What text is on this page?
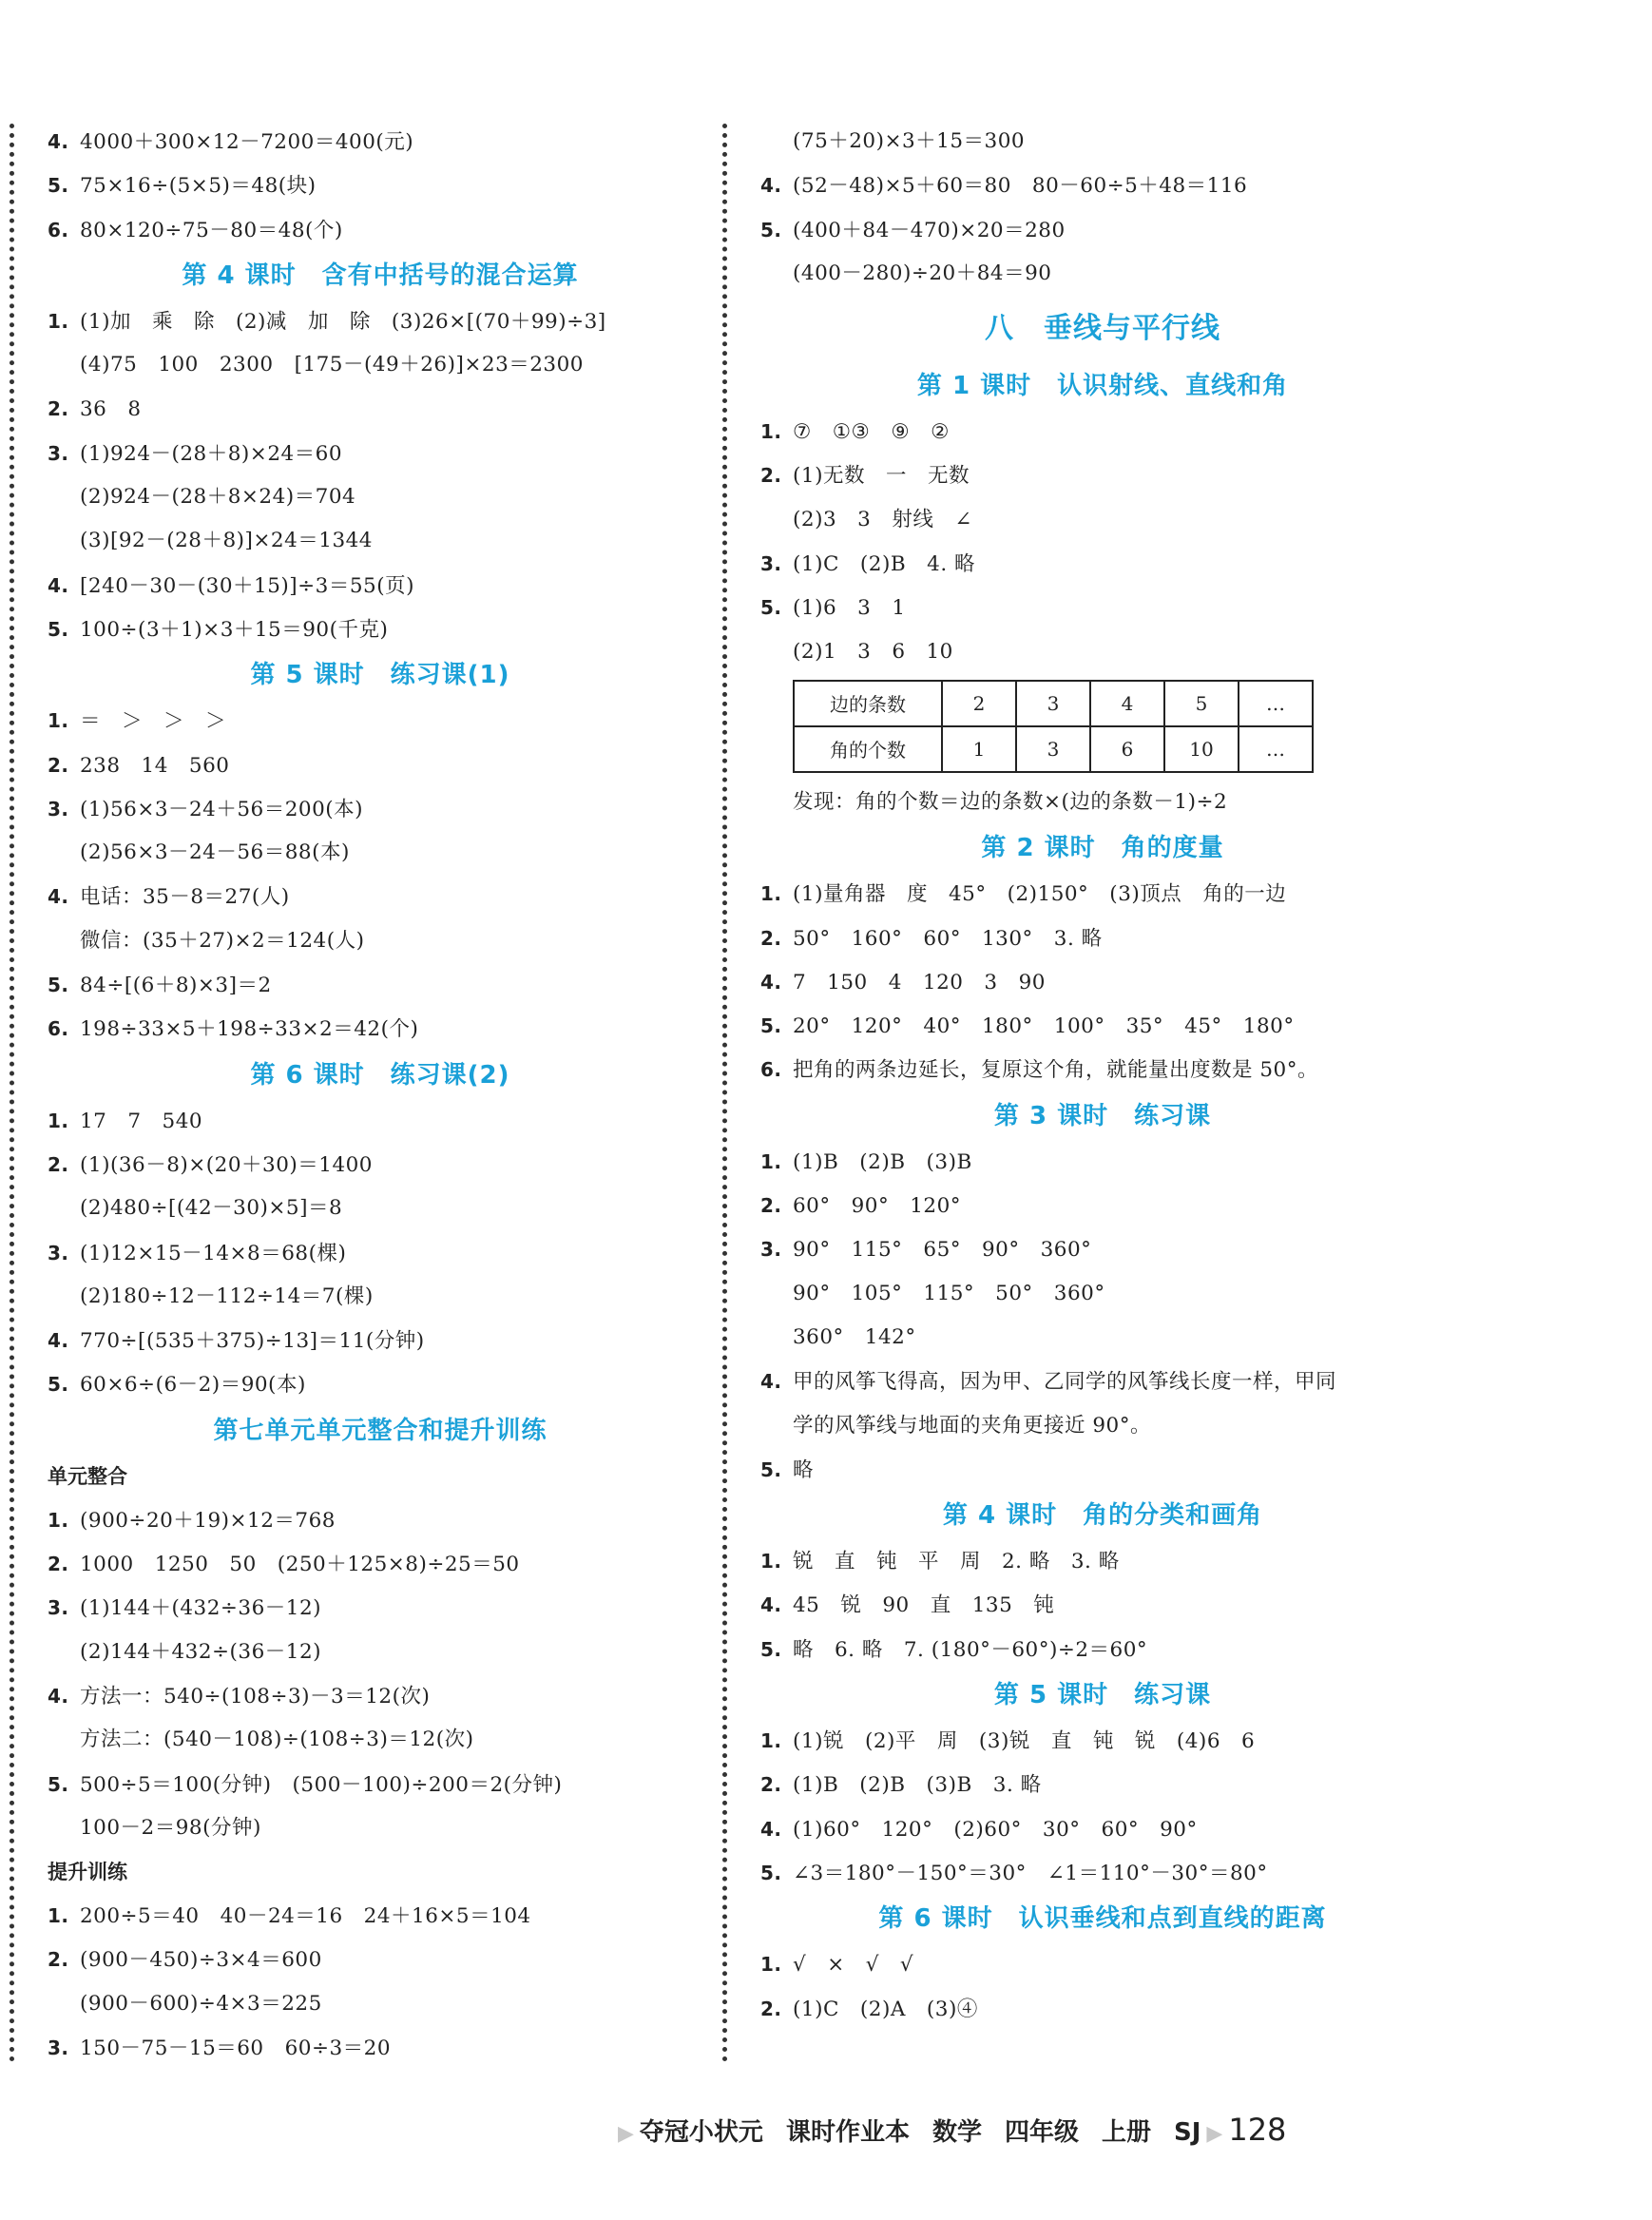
4. 4000＋300×12－7200＝400(元)
5. 75×16÷(5×5)＝48(块)
6. 80×120÷75－80＝48(个)
第 4 课时　含有中括号的混合运算
1. (1)加　乘　除　(2)减　加　除　(3)26×[(70＋99)÷3]
(4)75　100　2300　[175－(49＋26)]×23＝2300
2. 36　8
3. (1)924－(28＋8)×24＝60
(2)924－(28＋8×24)＝704
(3)[92－(28＋8)]×24＝1344
4. [240－30－(30＋15)]÷3＝55(页)
5. 100÷(3＋1)×3＋15＝90(千克)
第 5 课时　练习课(1)
1. ＝　＞　＞　＞
2. 238　14　560
3. (1)56×3－24＋56＝200(本)
(2)56×3－24－56＝88(本)
4. 电话：35－8＝27(人)
微信：(35＋27)×2＝124(人)
5. 84÷[(6＋8)×3]＝2
6. 198÷33×5＋198÷33×2＝42(个)
第 6 课时　练习课(2)
1. 17　7　540
2. (1)(36－8)×(20＋30)＝1400
(2)480÷[(42－30)×5]＝8
3. (1)12×15－14×8＝68(棵)
(2)180÷12－112÷14＝7(棵)
4. 770÷[(535＋375)÷13]＝11(分钟)
5. 60×6÷(6－2)＝90(本)
第七单元单元整合和提升训练
单元整合
1. (900÷20＋19)×12＝768
2. 1000　1250　50　(250＋125×8)÷25＝50
3. (1)144＋(432÷36－12)
(2)144＋432÷(36－12)
4. 方法一：540÷(108÷3)－3＝12(次)
方法二：(540－108)÷(108÷3)＝12(次)
5. 500÷5＝100(分钟)　(500－100)÷200＝2(分钟)
100－2＝98(分钟)
提升训练
1. 200÷5＝40　40－24＝16　24＋16×5＝104
2. (900－450)÷3×4＝600
(900－600)÷4×3＝225
3. 150－75－15＝60　60÷3＝20
(75＋20)×3＋15＝300
4. (52－48)×5＋60＝80　80－60÷5＋48＝116
5. (400＋84－470)×20＝280
(400－280)÷20＋84＝90
八　垂线与平行线
第 1 课时　认识射线、直线和角
1. ⑦　①③　⑨　②
2. (1)无数　一　无数
(2)3　3　射线　∠
3. (1)C　(2)B　4. 略
5. (1)6　3　1
(2)1　3　6　10
边的条数	2	3	4	5	…
角的个数	1	3	6	10	…
发现：角的个数＝边的条数×(边的条数－1)÷2
第 2 课时　角的度量
1. (1)量角器　度　45°　(2)150°　(3)顶点　角的一边
2. 50°　160°　60°　130°　3. 略
4. 7　150　4　120　3　90
5. 20°　120°　40°　180°　100°　35°　45°　180°
6. 把角的两条边延长，复原这个角，就能量出度数是 50°。
第 3 课时　练习课
1. (1)B　(2)B　(3)B
2. 60°　90°　120°
3. 90°　115°　65°　90°　360°
90°　105°　115°　50°　360°
360°　142°
4. 甲的风筝飞得高，因为甲、乙同学的风筝线长度一样，甲同
学的风筝线与地面的夹角更接近 90°。
5. 略
第 4 课时　角的分类和画角
1. 锐　直　钝　平　周　2. 略　3. 略
4. 45　锐　90　直　135　钝
5. 略　6. 略　7. (180°－60°)÷2＝60°
第 5 课时　练习课
1. (1)锐　(2)平　周　(3)锐　直　钝　锐　(4)6　6
2. (1)B　(2)B　(3)B　3. 略
4. (1)60°　120°　(2)60°　30°　60°　90°
5. ∠3＝180°－150°＝30°　∠1＝110°－30°＝80°
第 6 课时　认识垂线和点到直线的距离
1. √　×　√　√
2. (1)C　(2)A　(3)④
▶ 夺冠小状元 课时作业本 数学 四年级 上册 SJ ▶ 128
